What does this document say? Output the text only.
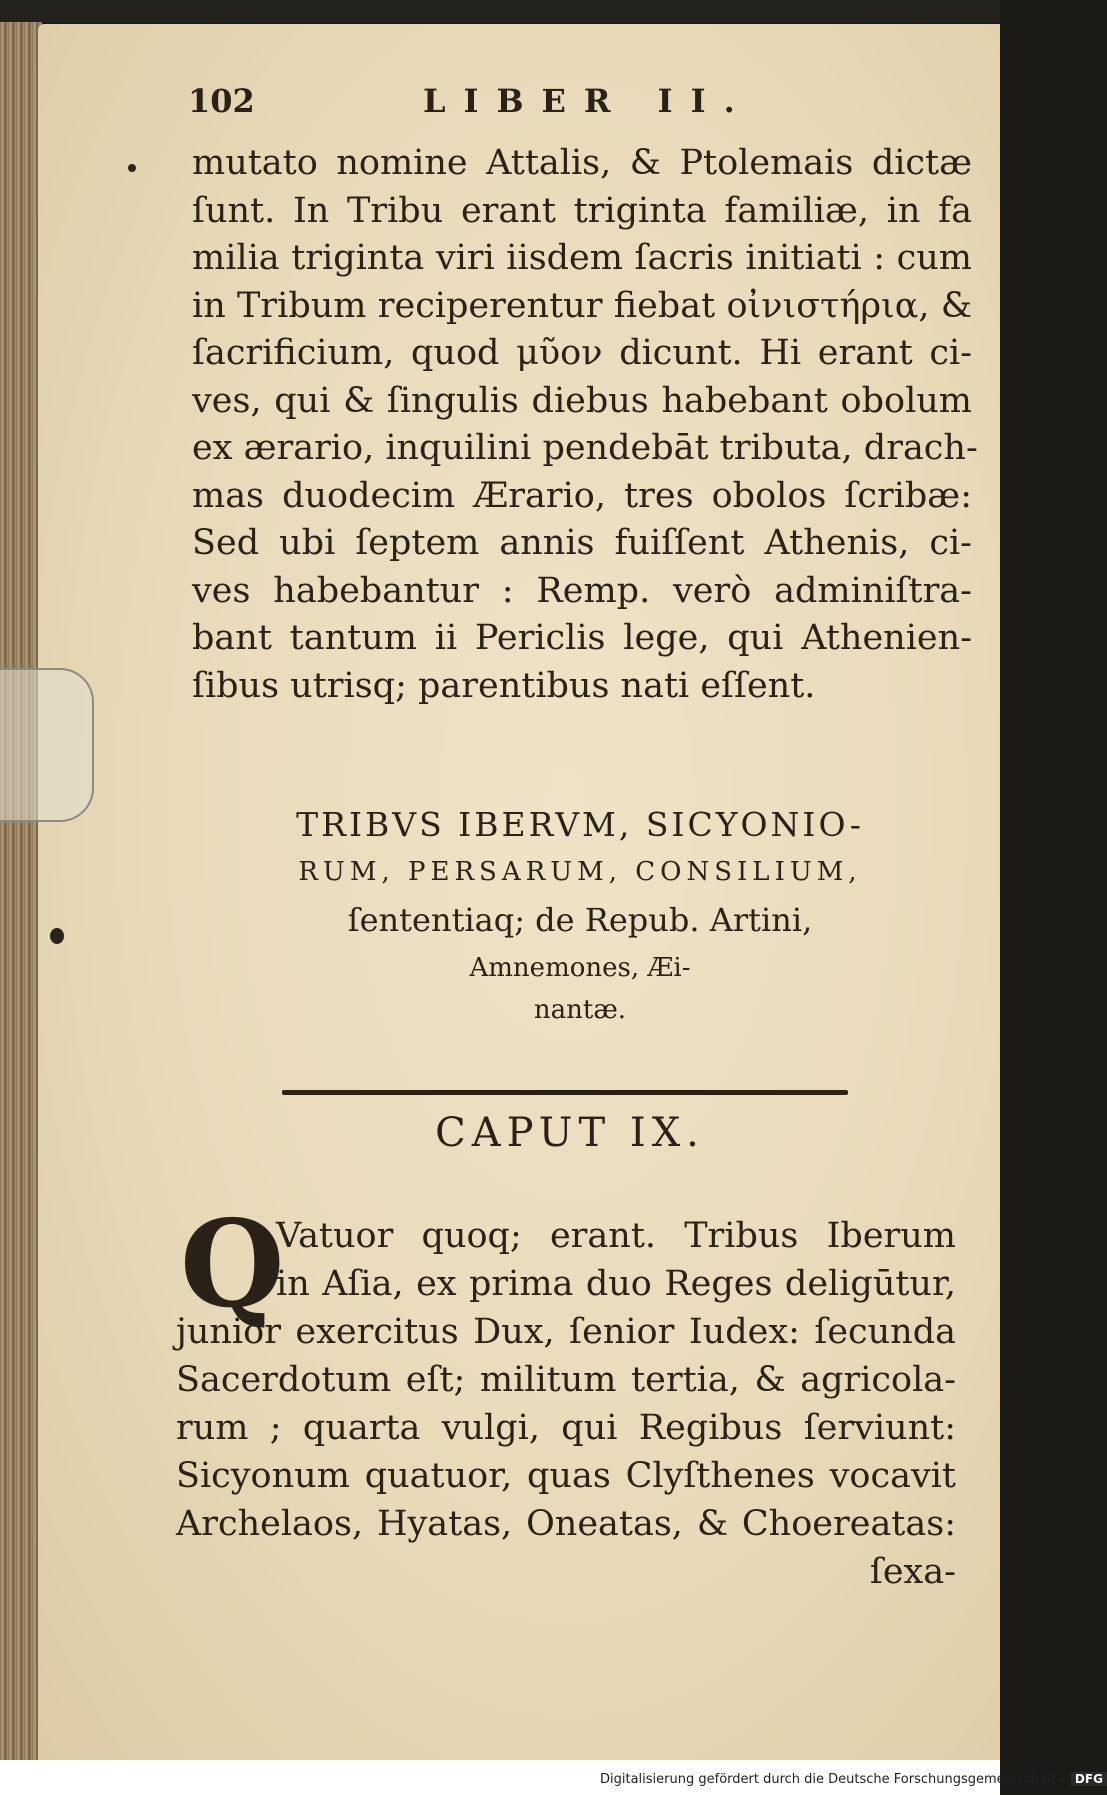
102	LIBER II.
mutato nomine Attalis, & Ptolemais dictæ
ſunt. In Tribu erant triginta familiæ, in fa
milia triginta viri iisdem ſacris initiati : cum
in Tribum reciperentur fiebat οἰνιστήρια, &
ſacrificium, quod μῦον dicunt. Hi erant ci-
ves, qui & ſingulis diebus habebant obolum
ex ærario, inquilini pendebāt tributa, drach-
mas duodecim Ærario, tres obolos ſcribæ:
Sed ubi ſeptem annis fuiſſent Athenis, ci-
ves habebantur : Remp. verò adminiſtra-
bant tantum ii Periclis lege, qui Athenien-
ſibus utrisq; parentibus nati eſſent.
TRIBVS IBERVM, SICYONIO-
RUM, PERSARUM, CONSILIUM,
ſententiaq; de Repub. Artini,
Amnemones, Æi-
nantæ.
CAPUT IX.
Q
Vatuor quoq; erant. Tribus Iberum
in Aſia, ex prima duo Reges deligūtur,
junior exercitus Dux, ſenior Iudex: ſecunda
Sacerdotum eſt; militum tertia, & agricola-
rum ; quarta vulgi, qui Regibus ſerviunt:
Sicyonum quatuor, quas Clyſthenes vocavit
Archelaos, Hyatas, Oneatas, & Choereatas:
ſexa-
Digitalisierung gefördert durch die Deutsche Forschungsgemeinschaft - DFG
